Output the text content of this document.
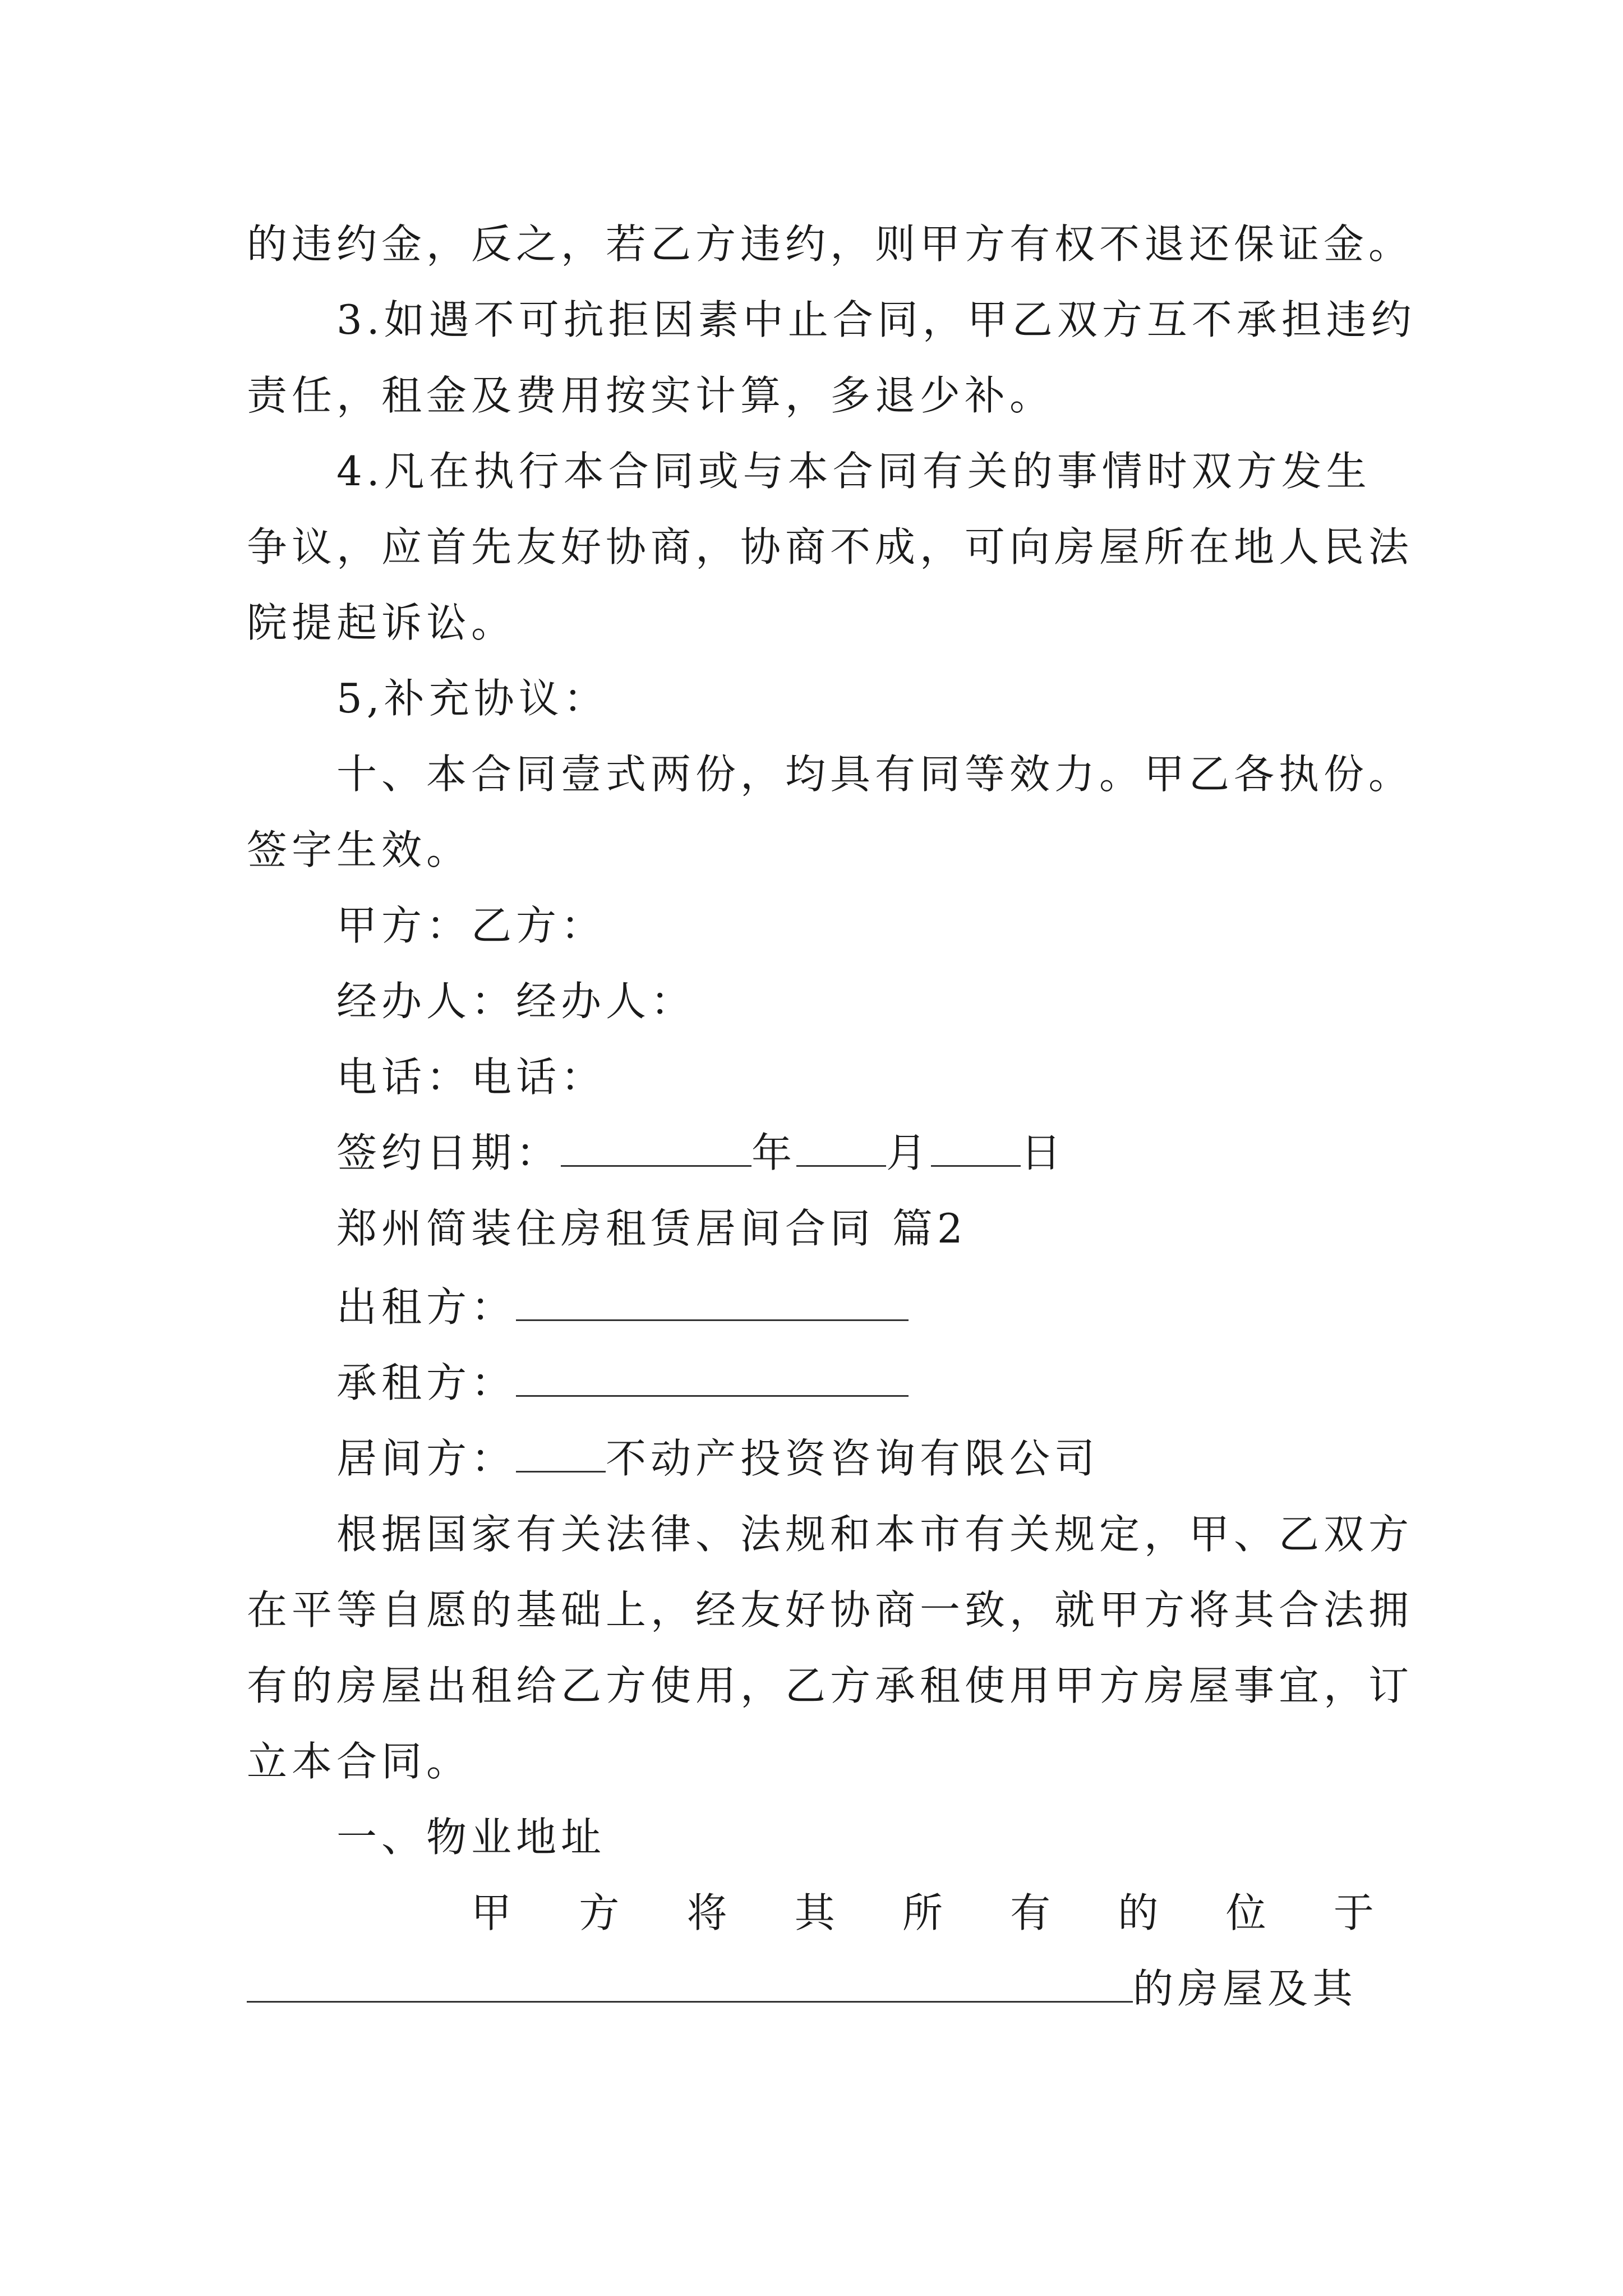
的违约金，反之，若乙方违约，则甲方有权不退还保证金。
3.如遇不可抗拒因素中止合同，甲乙双方互不承担违约
责任，租金及费用按实计算，多退少补。
4.凡在执行本合同或与本合同有关的事情时双方发生
争议，应首先友好协商，协商不成，可向房屋所在地人民法
院提起诉讼。
5,补充协议：
十、本合同壹式两份，均具有同等效力。甲乙各执份。
签字生效。
甲方：乙方：
经办人：经办人：
电话：电话：
签约日期：	年 月 日
郑州简装住房租赁居间合同 篇2
出租方：
承租方：
居间方： 不动产投资咨询有限公司
根据国家有关法律、法规和本市有关规定，甲、乙双方
在平等自愿的基础上，经友好协商一致，就甲方将其合法拥
有的房屋出租给乙方使用，乙方承租使用甲方房屋事宜，订
立本合同。
一、物业地址
甲 方 将 其 所 有 的 位 于
的房屋及其
